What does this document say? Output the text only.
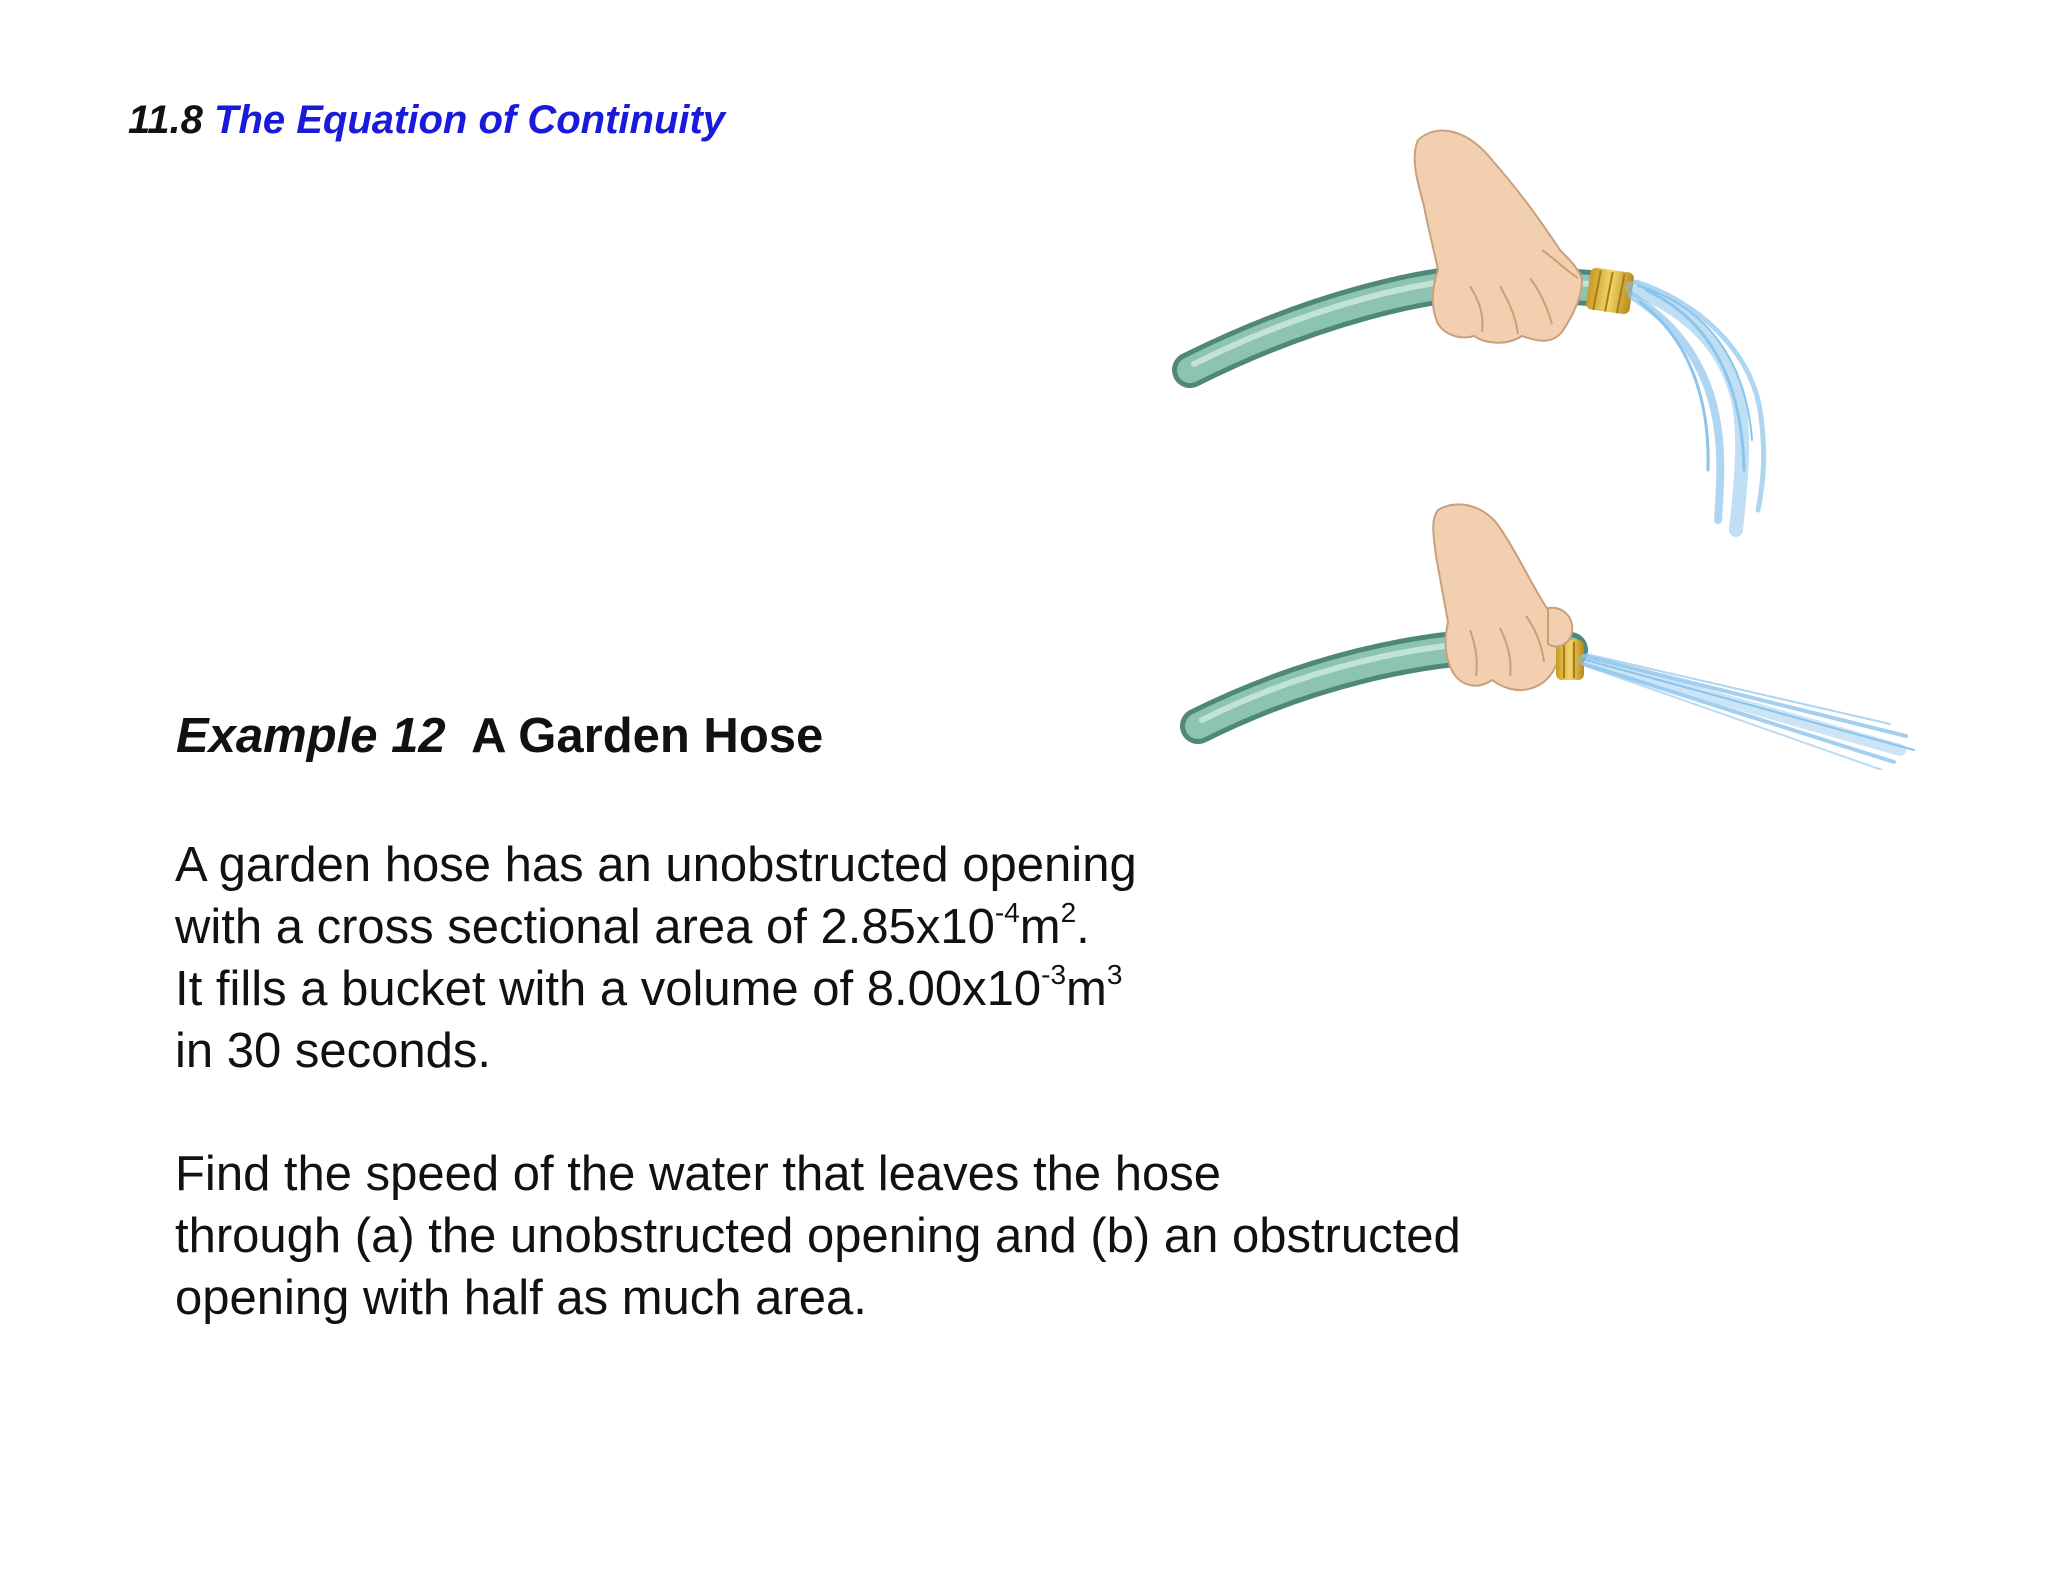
11.8 The Equation of Continuity
Example 12 A Garden Hose
A garden hose has an unobstructed opening
with a cross sectional area of $2.85x10^{-4}m^2$.
It fills a bucket with a volume of $8.00x10^{-3}m^3$
in 30 seconds.
Find the speed of the water that leaves the hose
through (a) the unobstructed opening and (b) an obstructed
opening with half as much area.
